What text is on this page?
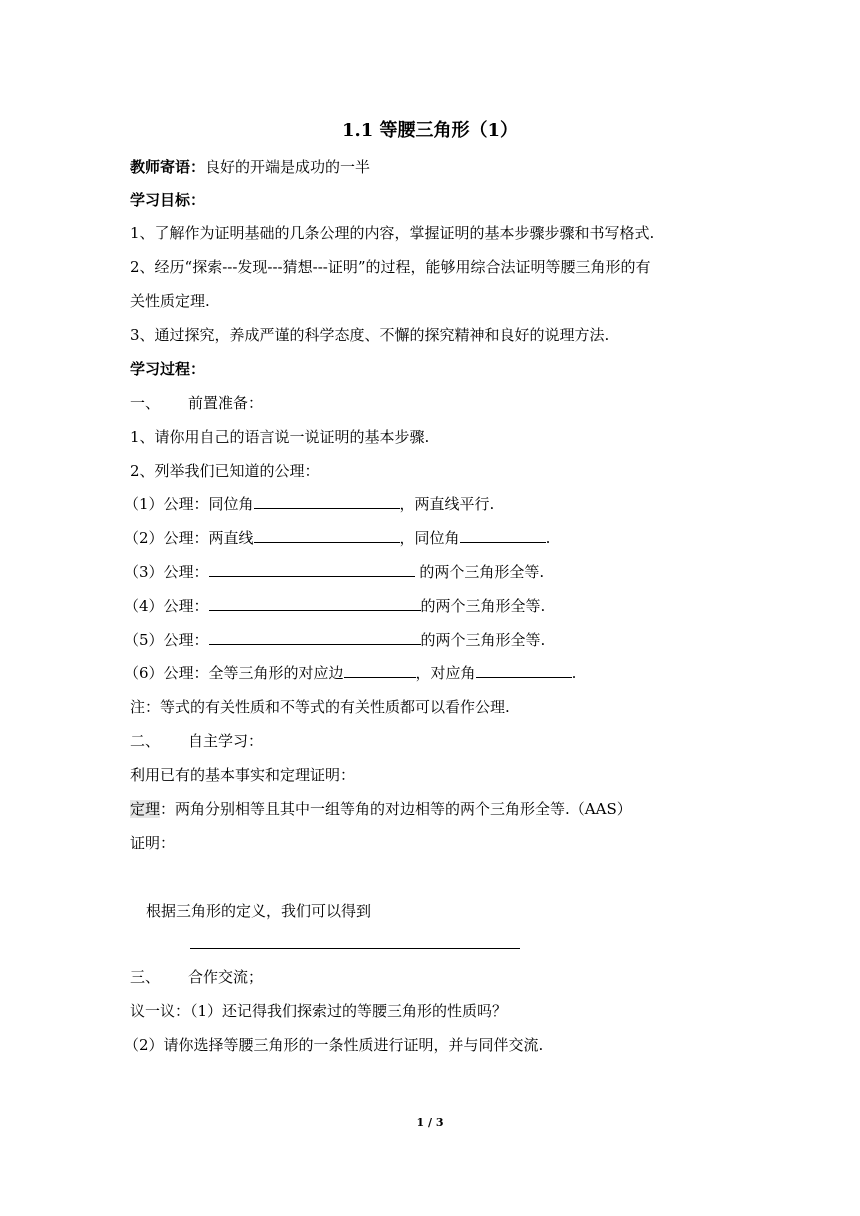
1.1 等腰三角形（1）
教师寄语：良好的开端是成功的一半
学习目标：
1、了解作为证明基础的几条公理的内容，掌握证明的基本步骤步骤和书写格式.
2、经历“探索---发现---猜想---证明”的过程，能够用综合法证明等腰三角形的有
关性质定理.
3、通过探究，养成严谨的科学态度、不懈的探究精神和良好的说理方法.
学习过程：
一、 前置准备：
1、请你用自己的语言说一说证明的基本步骤.
2、列举我们已知道的公理：
（1）公理：同位角	，两直线平行.
（2）公理：两直线	，同位角	.
（3）公理：	的两个三角形全等.
（4）公理：	的两个三角形全等.
（5）公理：	的两个三角形全等.
（6）公理：全等三角形的对应边	，对应角	.
注：等式的有关性质和不等式的有关性质都可以看作公理.
二、 自主学习：
利用已有的基本事实和定理证明：
定理：两角分别相等且其中一组等角的对边相等的两个三角形全等.（AAS）
证明：
根据三角形的定义，我们可以得到
三、 合作交流；
议一议：（1）还记得我们探索过的等腰三角形的性质吗？
（2）请你选择等腰三角形的一条性质进行证明，并与同伴交流.
1 / 3
